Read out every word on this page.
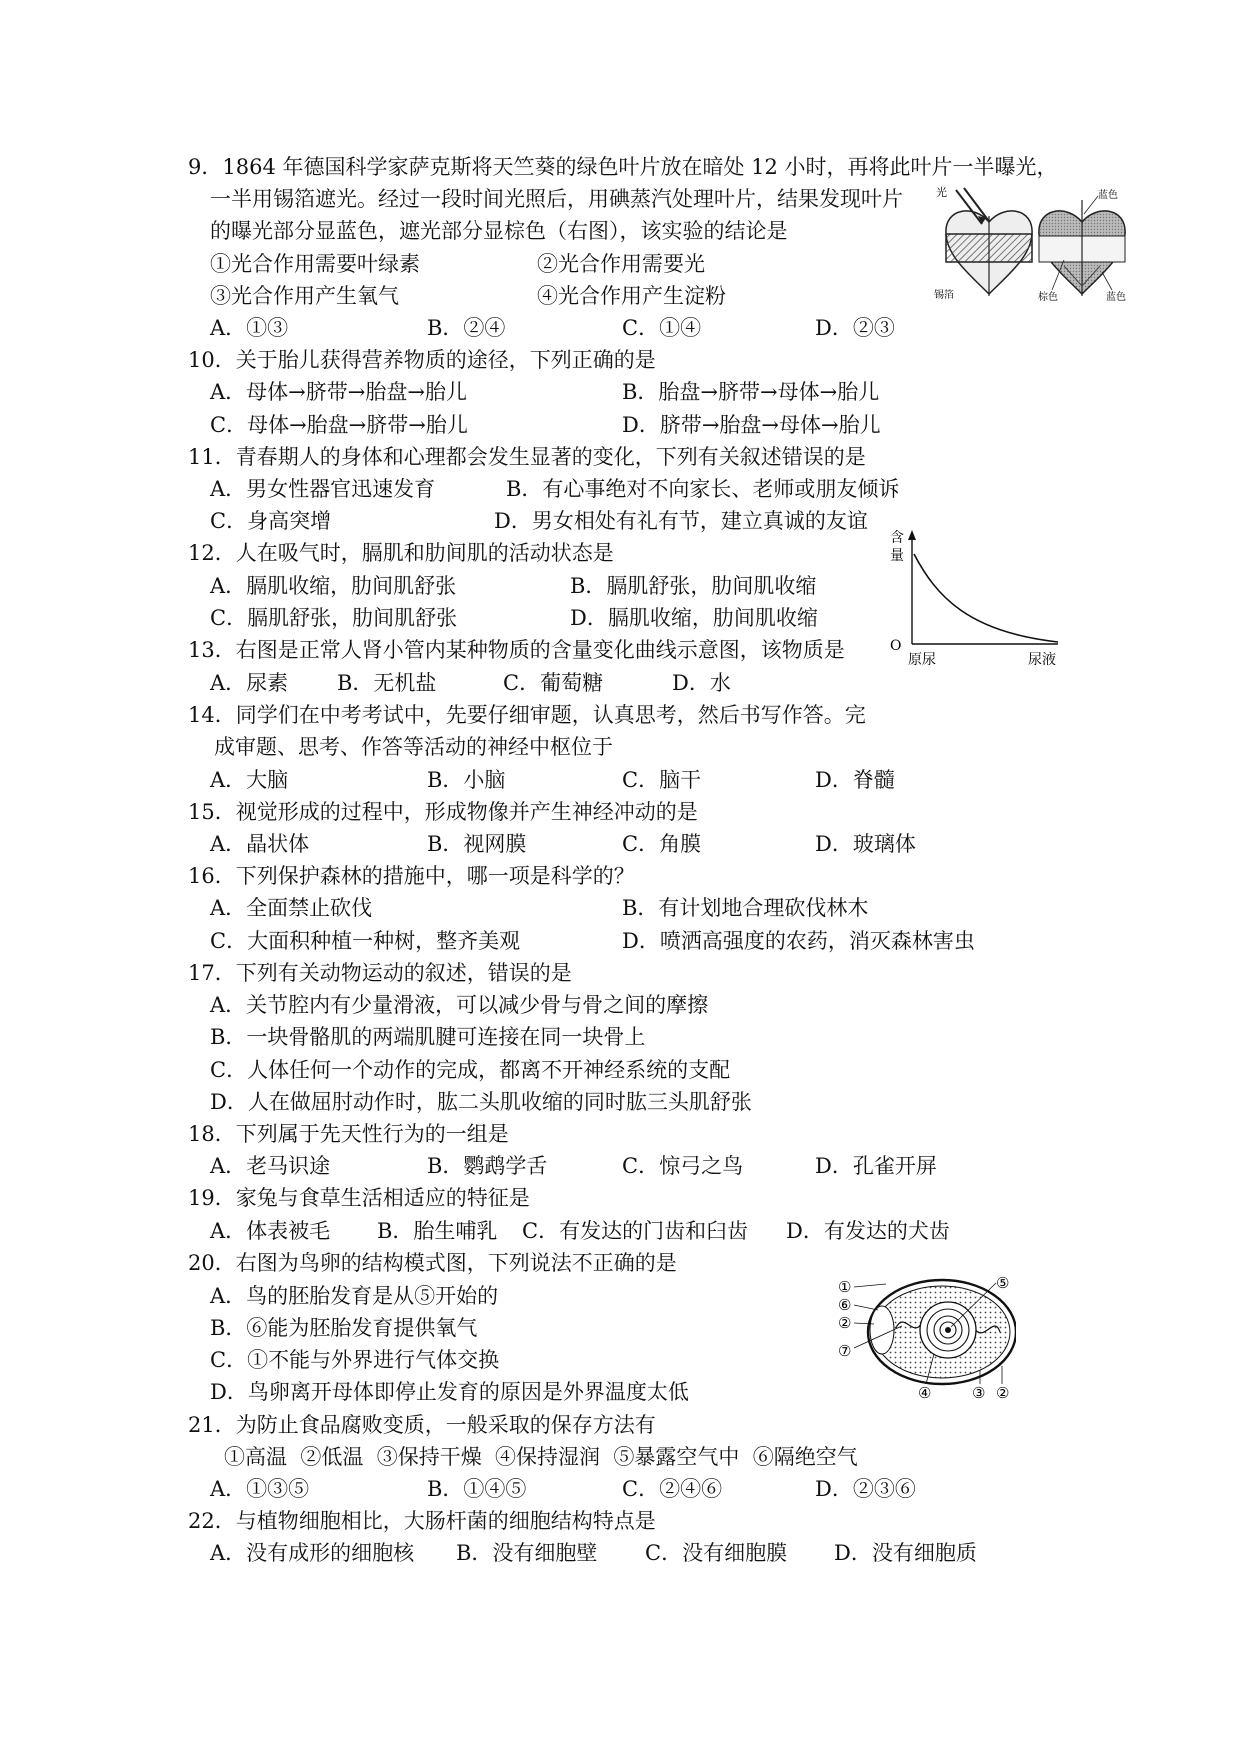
9．1864 年德国科学家萨克斯将天竺葵的绿色叶片放在暗处 12 小时，再将此叶片一半曝光，
一半用锡箔遮光。经过一段时间光照后，用碘蒸汽处理叶片，结果发现叶片
的曝光部分显蓝色，遮光部分显棕色（右图），该实验的结论是
①光合作用需要叶绿素	②光合作用需要光
③光合作用产生氧气	④光合作用产生淀粉
A．①③	B．②④	C．①④	D．②③
光
锡箔
蓝色
棕色	蓝色
10．关于胎儿获得营养物质的途径，下列正确的是
A．母体→脐带→胎盘→胎儿	B．胎盘→脐带→母体→胎儿
C．母体→胎盘→脐带→胎儿	D．脐带→胎盘→母体→胎儿
11．青春期人的身体和心理都会发生显著的变化，下列有关叙述错误的是
A．男女性器官迅速发育	B．有心事绝对不向家长、老师或朋友倾诉
C．身高突增	D．男女相处有礼有节，建立真诚的友谊
12．人在吸气时，膈肌和肋间肌的活动状态是
A．膈肌收缩，肋间肌舒张	B．膈肌舒张，肋间肌收缩
C．膈肌舒张，肋间肌舒张	D．膈肌收缩，肋间肌收缩
含
量
O
原尿	尿液
13．右图是正常人肾小管内某种物质的含量变化曲线示意图，该物质是
A．尿素 B．无机盐	C．葡萄糖	D．水
14．同学们在中考考试中，先要仔细审题，认真思考，然后书写作答。完
成审题、思考、作答等活动的神经中枢位于
A．大脑	B．小脑	C．脑干	D．脊髓
15．视觉形成的过程中，形成物像并产生神经冲动的是
A．晶状体	B．视网膜	C．角膜	D．玻璃体
16．下列保护森林的措施中，哪一项是科学的？
A．全面禁止砍伐	B．有计划地合理砍伐林木
C．大面积种植一种树，整齐美观	D．喷洒高强度的农药，消灭森林害虫
17．下列有关动物运动的叙述，错误的是
A．关节腔内有少量滑液，可以减少骨与骨之间的摩擦
B．一块骨骼肌的两端肌腱可连接在同一块骨上
C．人体任何一个动作的完成，都离不开神经系统的支配
D．人在做屈肘动作时，肱二头肌收缩的同时肱三头肌舒张
18．下列属于先天性行为的一组是
A．老马识途	B．鹦鹉学舌	C．惊弓之鸟	D．孔雀开屏
19．家兔与食草生活相适应的特征是
A．体表被毛 B．胎生哺乳 C．有发达的门齿和臼齿 D．有发达的犬齿
20．右图为鸟卵的结构模式图，下列说法不正确的是
A．鸟的胚胎发育是从⑤开始的
B．⑥能为胚胎发育提供氧气
C．①不能与外界进行气体交换
D．鸟卵离开母体即停止发育的原因是外界温度太低
①
⑥
②
⑦
⑤
④	③ ②
21．为防止食品腐败变质，一般采取的保存方法有
①高温  ②低温  ③保持干燥  ④保持湿润  ⑤暴露空气中  ⑥隔绝空气
A．①③⑤	B．①④⑤	C．②④⑥	D．②③⑥
22．与植物细胞相比，大肠杆菌的细胞结构特点是
A．没有成形的细胞核 B．没有细胞壁 C．没有细胞膜 D．没有细胞质
